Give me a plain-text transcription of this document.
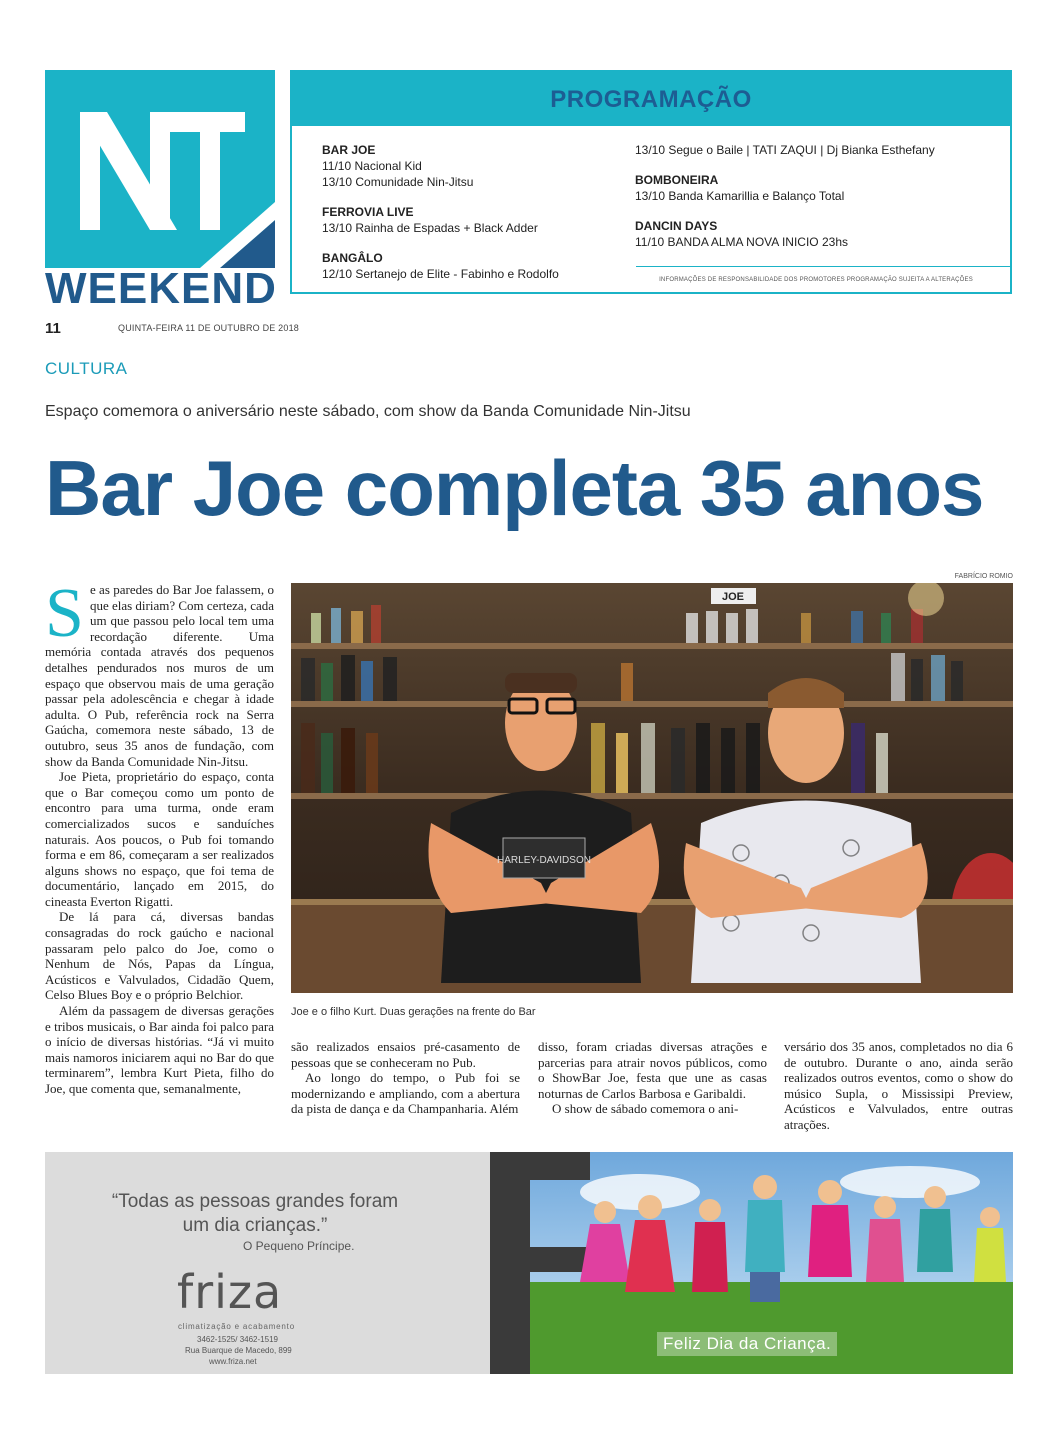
WEEKEND
11	QUINTA-FEIRA 11 DE OUTUBRO DE 2018
PROGRAMAÇÃO
BAR JOE
11/10 Nacional Kid
13/10 Comunidade Nin-Jitsu
FERROVIA LIVE
13/10 Rainha de Espadas + Black Adder
BANGÂLO
12/10 Sertanejo de Elite - Fabinho e Rodolfo
13/10 Segue o Baile | TATI ZAQUI | Dj Bianka Esthefany
BOMBONEIRA
13/10 Banda Kamarillia e Balanço Total
DANCIN DAYS
11/10 BANDA ALMA NOVA INICIO 23hs
INFORMAÇÕES DE RESPONSABILIDADE DOS PROMOTORES PROGRAMAÇÃO SUJEITA A ALTERAÇÕES
CULTURA
Espaço comemora o aniversário neste sábado, com show da Banda Comunidade Nin-Jitsu
Bar Joe completa 35 anos
S e as paredes do Bar Joe falassem, o que elas diriam? Com certeza, cada um que passou pelo local tem uma recordação diferente. Uma memória contada através dos pequenos detalhes pendurados nos muros de um espaço que observou mais de uma geração passar pela adolescência e chegar à idade adulta. O Pub, referência rock na Serra Gaúcha, comemora neste sábado, 13 de outubro, seus 35 anos de fundação, com show da Banda Comunidade Nin-Jitsu.

Joe Pieta, proprietário do espaço, conta que o Bar começou como um ponto de encontro para uma turma, onde eram comercializados sucos e sanduíches naturais. Aos poucos, o Pub foi tomando forma e em 86, começaram a ser realizados alguns shows no espaço, que foi tema de documentário, lançado em 2015, do cineasta Everton Rigatti.

De lá para cá, diversas bandas consagradas do rock gaúcho e nacional passaram pelo palco do Joe, como o Nenhum de Nós, Papas da Língua, Acústicos e Valvulados, Cidadão Quem, Celso Blues Boy e o próprio Belchior.

Além da passagem de diversas gerações e tribos musicais, o Bar ainda foi palco para o início de diversas histórias. “Já vi muito mais namoros iniciarem aqui no Bar do que terminarem”, lembra Kurt Pieta, filho do Joe, que comenta que, semanalmente,

FABRÍCIO ROMIO
JOE
HARLEY-DAVIDSON
Joe e o filho Kurt. Duas gerações na frente do Bar

são realizados ensaios pré-casamento de pessoas que se conheceram no Pub.

Ao longo do tempo, o Pub foi se modernizando e ampliando, com a abertura da pista de dança e da Champanharia. Além

disso, foram criadas diversas atrações e parcerias para atrair novos públicos, como o ShowBar Joe, festa que une as casas noturnas de Carlos Barbosa e Garibaldi.

O show de sábado comemora o ani-

versário dos 35 anos, completados no dia 6 de outubro. Durante o ano, ainda serão realizados outros eventos, como o show do músico Supla, o Mississipi Preview, Acústicos e Valvulados, entre outras atrações.

“Todas as pessoas grandes foram um dia crianças.”
O Pequeno Príncipe.
friza
climatização e acabamento
3462-1525/ 3462-1519
Rua Buarque de Macedo, 899
www.friza.net
Feliz Dia da Criança.
